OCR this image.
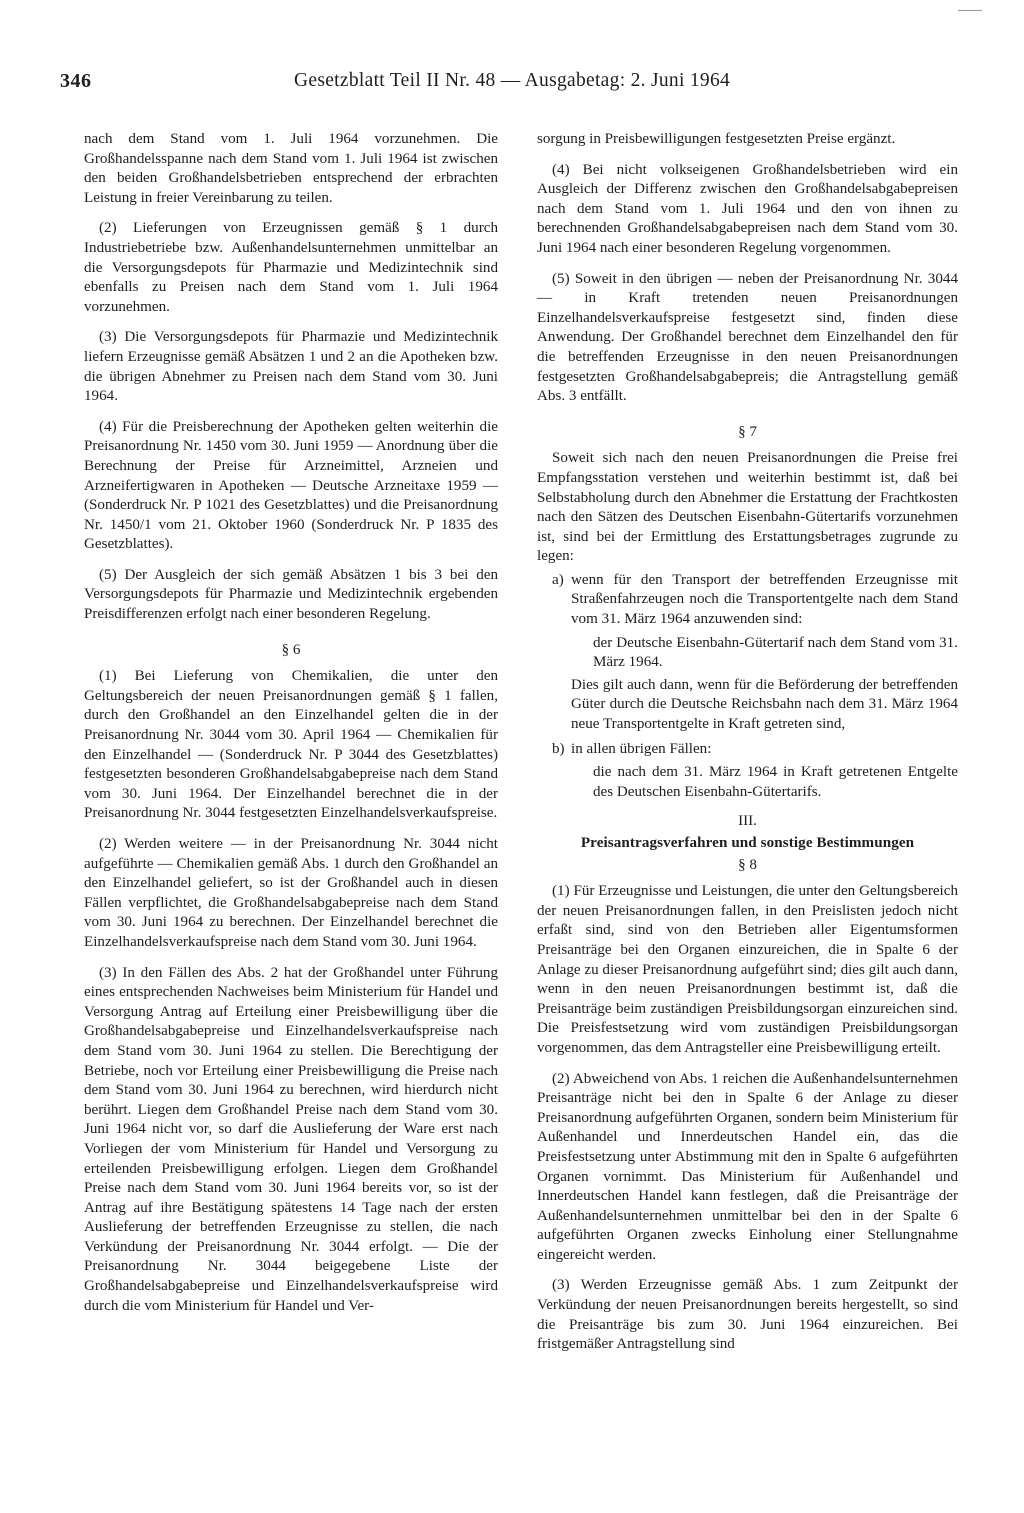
346	Gesetzblatt Teil II Nr. 48 — Ausgabetag: 2. Juni 1964

nach dem Stand vom 1. Juli 1964 vorzunehmen. Die Großhandelsspanne nach dem Stand vom 1. Juli 1964 ist zwischen den beiden Großhandelsbetrieben entsprechend der erbrachten Leistung in freier Vereinbarung zu teilen.

(2) Lieferungen von Erzeugnissen gemäß § 1 durch Industriebetriebe bzw. Außenhandelsunternehmen unmittelbar an die Versorgungsdepots für Pharmazie und Medizintechnik sind ebenfalls zu Preisen nach dem Stand vom 1. Juli 1964 vorzunehmen.

(3) Die Versorgungsdepots für Pharmazie und Medizintechnik liefern Erzeugnisse gemäß Absätzen 1 und 2 an die Apotheken bzw. die übrigen Abnehmer zu Preisen nach dem Stand vom 30. Juni 1964.

(4) Für die Preisberechnung der Apotheken gelten weiterhin die Preisanordnung Nr. 1450 vom 30. Juni 1959 — Anordnung über die Berechnung der Preise für Arzneimittel, Arzneien und Arzneifertigwaren in Apotheken — Deutsche Arzneitaxe 1959 — (Sonderdruck Nr. P 1021 des Gesetzblattes) und die Preisanordnung Nr. 1450/1 vom 21. Oktober 1960 (Sonderdruck Nr. P 1835 des Gesetzblattes).

(5) Der Ausgleich der sich gemäß Absätzen 1 bis 3 bei den Versorgungsdepots für Pharmazie und Medizintechnik ergebenden Preisdifferenzen erfolgt nach einer besonderen Regelung.

§ 6

(1) Bei Lieferung von Chemikalien, die unter den Geltungsbereich der neuen Preisanordnungen gemäß § 1 fallen, durch den Großhandel an den Einzelhandel gelten die in der Preisanordnung Nr. 3044 vom 30. April 1964 — Chemikalien für den Einzelhandel — (Sonderdruck Nr. P 3044 des Gesetzblattes) festgesetzten besonderen Großhandelsabgabepreise nach dem Stand vom 30. Juni 1964. Der Einzelhandel berechnet die in der Preisanordnung Nr. 3044 festgesetzten Einzelhandelsverkaufspreise.

(2) Werden weitere — in der Preisanordnung Nr. 3044 nicht aufgeführte — Chemikalien gemäß Abs. 1 durch den Großhandel an den Einzelhandel geliefert, so ist der Großhandel auch in diesen Fällen verpflichtet, die Großhandelsabgabepreise nach dem Stand vom 30. Juni 1964 zu berechnen. Der Einzelhandel berechnet die Einzelhandelsverkaufspreise nach dem Stand vom 30. Juni 1964.

(3) In den Fällen des Abs. 2 hat der Großhandel unter Führung eines entsprechenden Nachweises beim Ministerium für Handel und Versorgung Antrag auf Erteilung einer Preisbewilligung über die Großhandelsabgabepreise und Einzelhandelsverkaufspreise nach dem Stand vom 30. Juni 1964 zu stellen. Die Berechtigung der Betriebe, noch vor Erteilung einer Preisbewilligung die Preise nach dem Stand vom 30. Juni 1964 zu berechnen, wird hierdurch nicht berührt. Liegen dem Großhandel Preise nach dem Stand vom 30. Juni 1964 nicht vor, so darf die Auslieferung der Ware erst nach Vorliegen der vom Ministerium für Handel und Versorgung zu erteilenden Preisbewilligung erfolgen. Liegen dem Großhandel Preise nach dem Stand vom 30. Juni 1964 bereits vor, so ist der Antrag auf ihre Bestätigung spätestens 14 Tage nach der ersten Auslieferung der betreffenden Erzeugnisse zu stellen, die nach Verkündung der Preisanordnung Nr. 3044 erfolgt. — Die der Preisanordnung Nr. 3044 beigegebene Liste der Großhandelsabgabepreise und Einzelhandelsverkaufspreise wird durch die vom Ministerium für Handel und Ver-

sorgung in Preisbewilligungen festgesetzten Preise ergänzt.

(4) Bei nicht volkseigenen Großhandelsbetrieben wird ein Ausgleich der Differenz zwischen den Großhandelsabgabepreisen nach dem Stand vom 1. Juli 1964 und den von ihnen zu berechnenden Großhandelsabgabepreisen nach dem Stand vom 30. Juni 1964 nach einer besonderen Regelung vorgenommen.

(5) Soweit in den übrigen — neben der Preisanordnung Nr. 3044 — in Kraft tretenden neuen Preisanordnungen Einzelhandelsverkaufspreise festgesetzt sind, finden diese Anwendung. Der Großhandel berechnet dem Einzelhandel den für die betreffenden Erzeugnisse in den neuen Preisanordnungen festgesetzten Großhandelsabgabepreis; die Antragstellung gemäß Abs. 3 entfällt.

§ 7

Soweit sich nach den neuen Preisanordnungen die Preise frei Empfangsstation verstehen und weiterhin bestimmt ist, daß bei Selbstabholung durch den Abnehmer die Erstattung der Frachtkosten nach den Sätzen des Deutschen Eisenbahn-Gütertarifs vorzunehmen ist, sind bei der Ermittlung des Erstattungsbetrages zugrunde zu legen:

a) wenn für den Transport der betreffenden Erzeugnisse mit Straßenfahrzeugen noch die Transportentgelte nach dem Stand vom 31. März 1964 anzuwenden sind:

der Deutsche Eisenbahn-Gütertarif nach dem Stand vom 31. März 1964.

Dies gilt auch dann, wenn für die Beförderung der betreffenden Güter durch die Deutsche Reichsbahn nach dem 31. März 1964 neue Transportentgelte in Kraft getreten sind,

b) in allen übrigen Fällen:

die nach dem 31. März 1964 in Kraft getretenen Entgelte des Deutschen Eisenbahn-Gütertarifs.

III.
Preisantragsverfahren und sonstige Bestimmungen
§ 8

(1) Für Erzeugnisse und Leistungen, die unter den Geltungsbereich der neuen Preisanordnungen fallen, in den Preislisten jedoch nicht erfaßt sind, sind von den Betrieben aller Eigentumsformen Preisanträge bei den Organen einzureichen, die in Spalte 6 der Anlage zu dieser Preisanordnung aufgeführt sind; dies gilt auch dann, wenn in den neuen Preisanordnungen bestimmt ist, daß die Preisanträge beim zuständigen Preisbildungsorgan einzureichen sind. Die Preisfestsetzung wird vom zuständigen Preisbildungsorgan vorgenommen, das dem Antragsteller eine Preisbewilligung erteilt.

(2) Abweichend von Abs. 1 reichen die Außenhandelsunternehmen Preisanträge nicht bei den in Spalte 6 der Anlage zu dieser Preisanordnung aufgeführten Organen, sondern beim Ministerium für Außenhandel und Innerdeutschen Handel ein, das die Preisfestsetzung unter Abstimmung mit den in Spalte 6 aufgeführten Organen vornimmt. Das Ministerium für Außenhandel und Innerdeutschen Handel kann festlegen, daß die Preisanträge der Außenhandelsunternehmen unmittelbar bei den in der Spalte 6 aufgeführten Organen zwecks Einholung einer Stellungnahme eingereicht werden.

(3) Werden Erzeugnisse gemäß Abs. 1 zum Zeitpunkt der Verkündung der neuen Preisanordnungen bereits hergestellt, so sind die Preisanträge bis zum 30. Juni 1964 einzureichen. Bei fristgemäßer Antragstellung sind
